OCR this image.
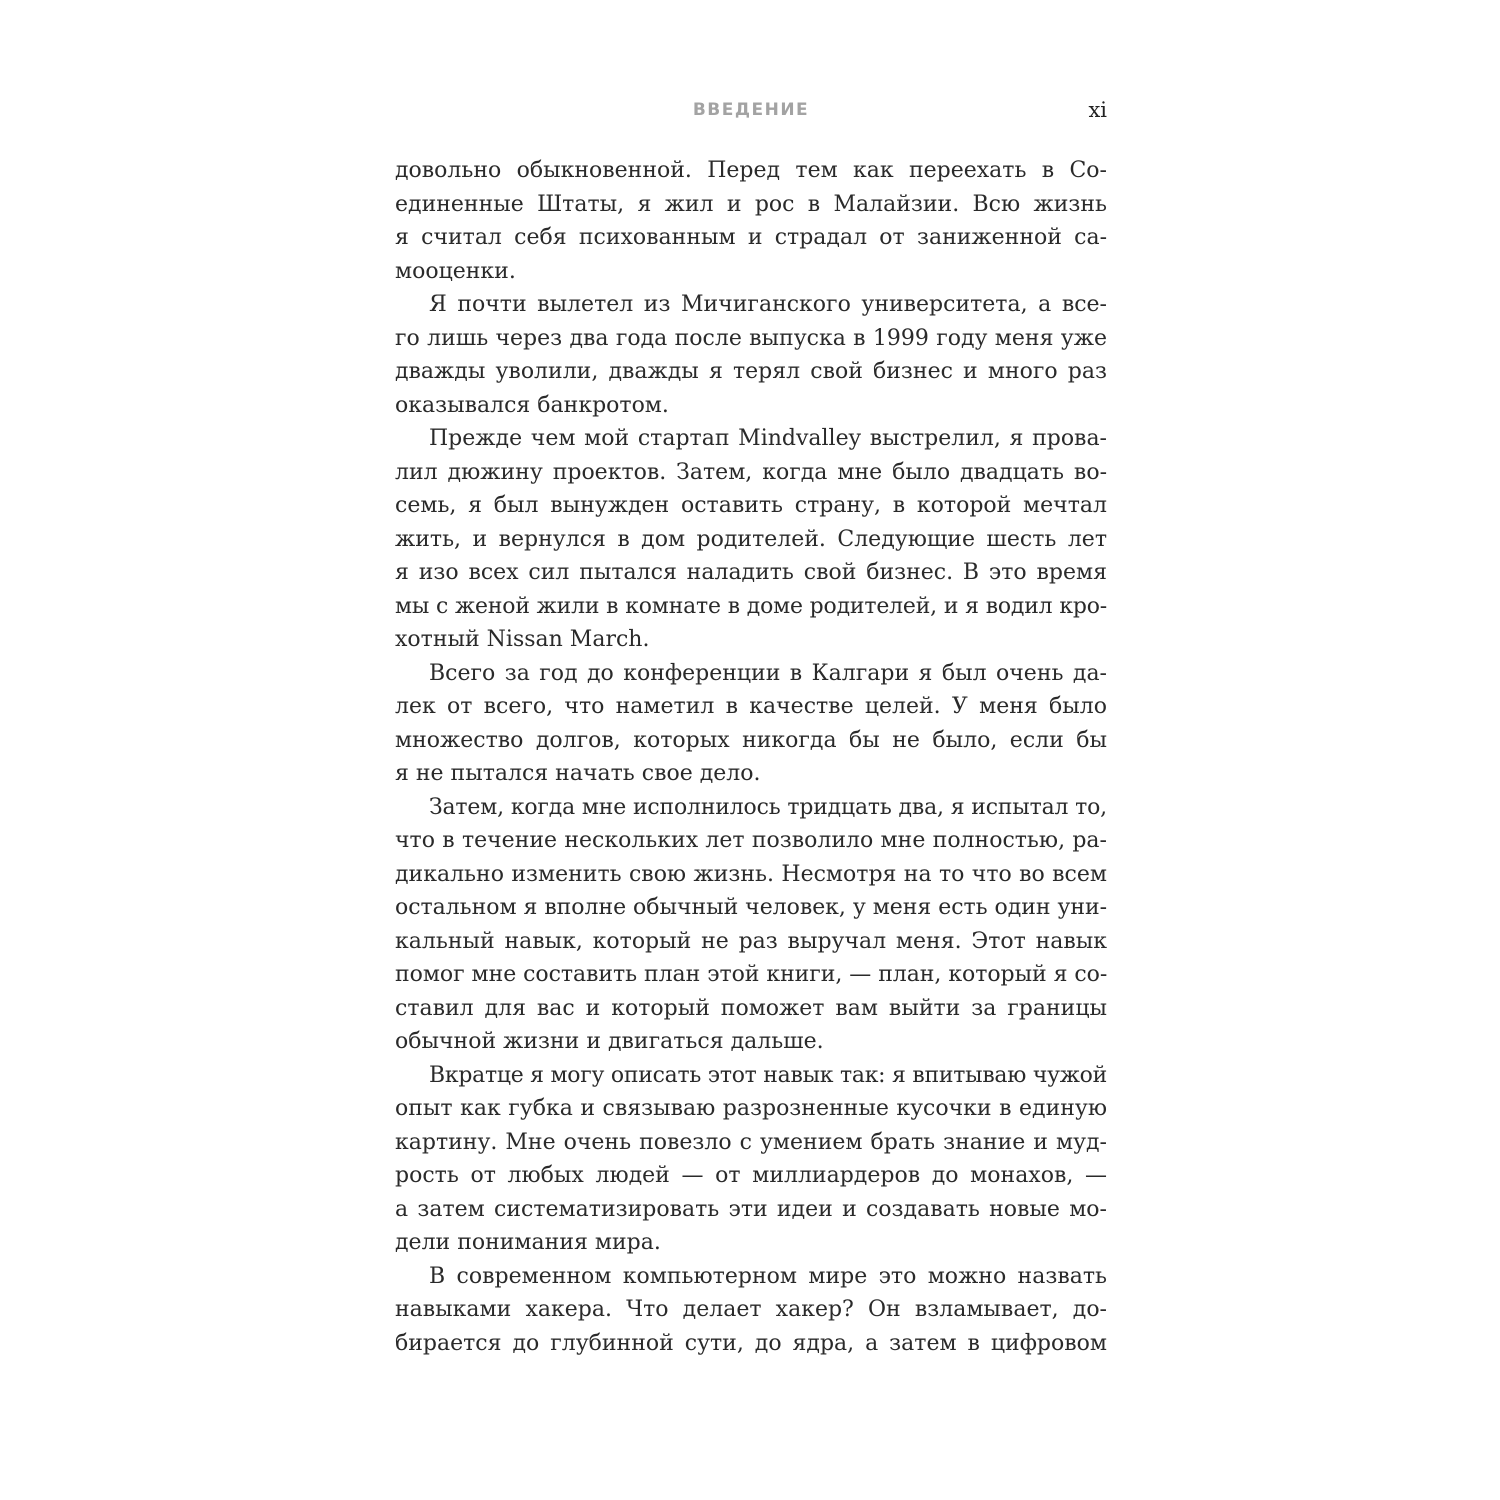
ВВЕДЕНИЕ	xi

довольно обыкновенной. Перед тем как переехать в Со-
единенные Штаты, я жил и рос в Малайзии. Всю жизнь
я считал себя психованным и страдал от заниженной са-
мооценки.

Я почти вылетел из Мичиганского университета, а все-
го лишь через два года после выпуска в 1999 году меня уже
дважды уволили, дважды я терял свой бизнес и много раз
оказывался банкротом.

Прежде чем мой стартап Mindvalley выстрелил, я прова-
лил дюжину проектов. Затем, когда мне было двадцать во-
семь, я был вынужден оставить страну, в которой мечтал
жить, и вернулся в дом родителей. Следующие шесть лет
я изо всех сил пытался наладить свой бизнес. В это время
мы с женой жили в комнате в доме родителей, и я водил кро-
хотный Nissan March.

Всего за год до конференции в Калгари я был очень да-
лек от всего, что наметил в качестве целей. У меня было
множество долгов, которых никогда бы не было, если бы
я не пытался начать свое дело.

Затем, когда мне исполнилось тридцать два, я испытал то,
что в течение нескольких лет позволило мне полностью, ра-
дикально изменить свою жизнь. Несмотря на то что во всем
остальном я вполне обычный человек, у меня есть один уни-
кальный навык, который не раз выручал меня. Этот навык
помог мне составить план этой книги, — план, который я со-
ставил для вас и который поможет вам выйти за границы
обычной жизни и двигаться дальше.

Вкратце я могу описать этот навык так: я впитываю чужой
опыт как губка и связываю разрозненные кусочки в единую
картину. Мне очень повезло с умением брать знание и муд-
рость от любых людей — от миллиардеров до монахов, —
а затем систематизировать эти идеи и создавать новые мо-
дели понимания мира.

В современном компьютерном мире это можно назвать
навыками хакера. Что делает хакер? Он взламывает, до-
бирается до глубинной сути, до ядра, а затем в цифровом
